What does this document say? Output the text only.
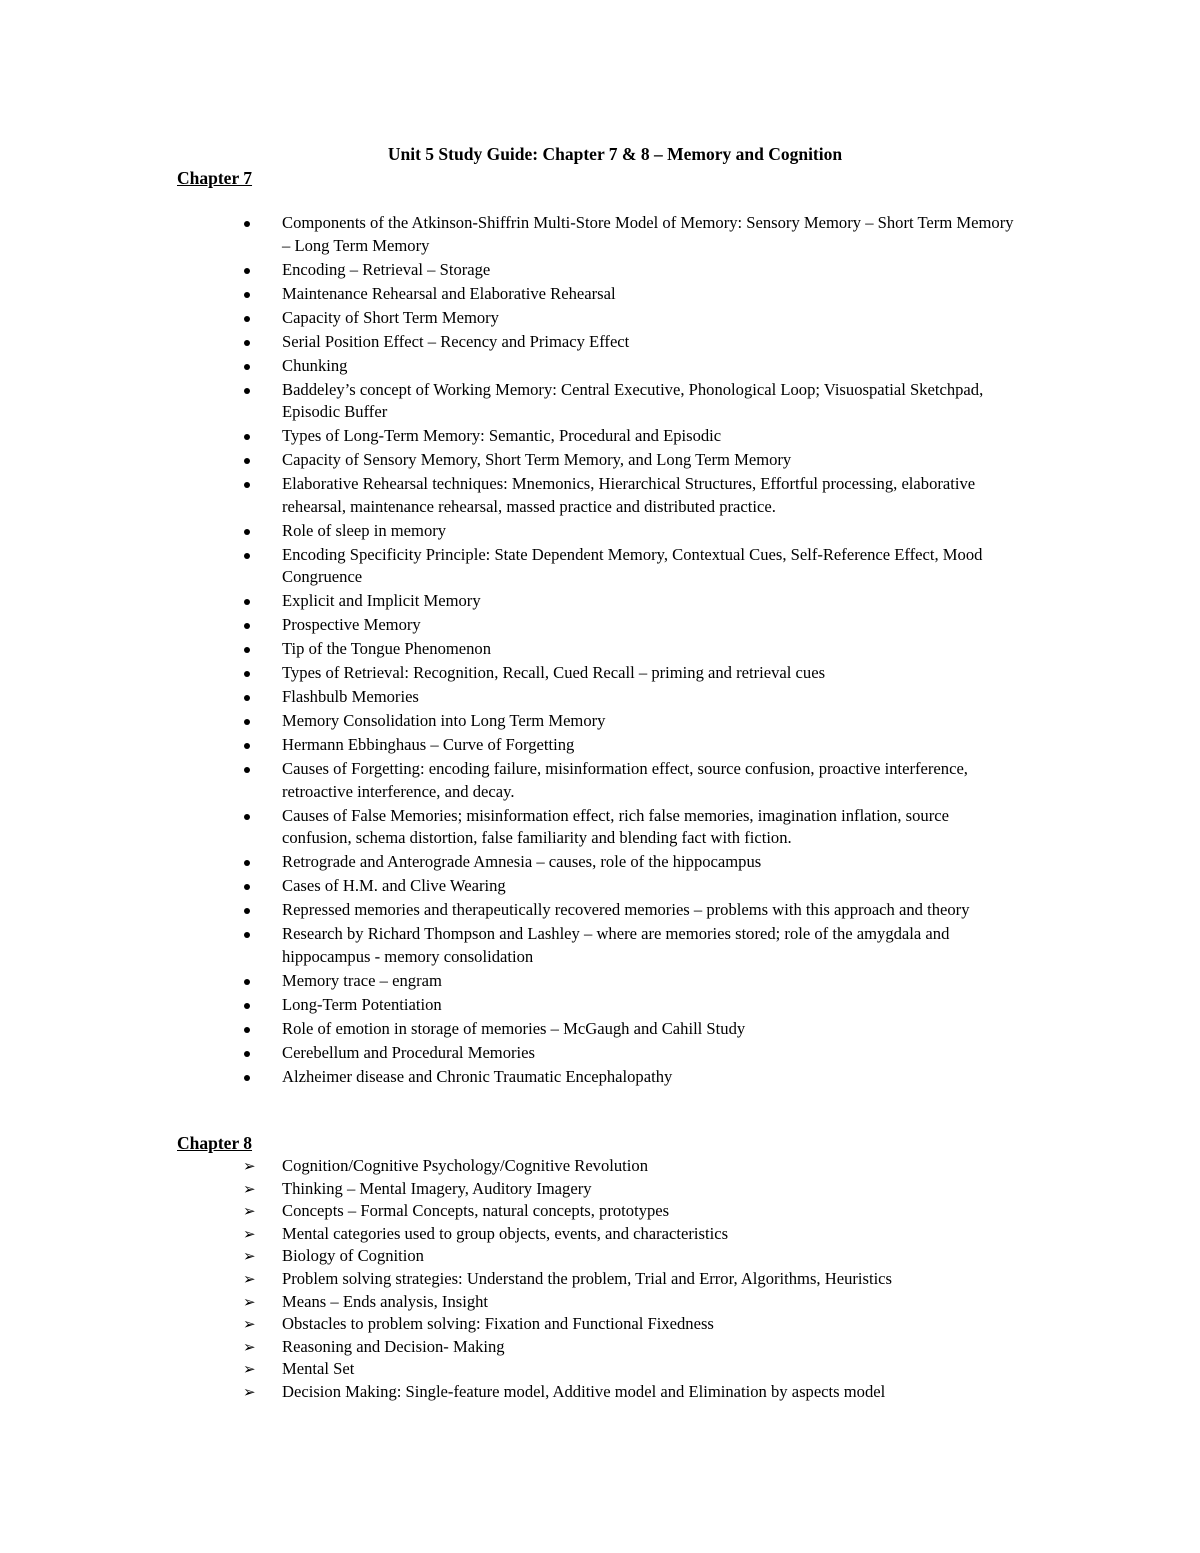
Unit 5 Study Guide: Chapter 7 & 8 – Memory and Cognition
Chapter 7
Components of the Atkinson-Shiffrin Multi-Store Model of Memory: Sensory Memory – Short Term Memory – Long Term Memory
Encoding – Retrieval – Storage
Maintenance Rehearsal and Elaborative Rehearsal
Capacity of Short Term Memory
Serial Position Effect – Recency and Primacy Effect
Chunking
Baddeley’s concept of Working Memory: Central Executive, Phonological Loop; Visuospatial Sketchpad, Episodic Buffer
Types of Long-Term Memory: Semantic, Procedural and Episodic
Capacity of Sensory Memory, Short Term Memory, and Long Term Memory
Elaborative Rehearsal techniques: Mnemonics, Hierarchical Structures, Effortful processing, elaborative rehearsal, maintenance rehearsal, massed practice and distributed practice.
Role of sleep in memory
Encoding Specificity Principle: State Dependent Memory, Contextual Cues, Self-Reference Effect, Mood Congruence
Explicit and Implicit Memory
Prospective Memory
Tip of the Tongue Phenomenon
Types of Retrieval: Recognition, Recall, Cued Recall – priming and retrieval cues
Flashbulb Memories
Memory Consolidation into Long Term Memory
Hermann Ebbinghaus – Curve of Forgetting
Causes of Forgetting: encoding failure, misinformation effect, source confusion, proactive interference, retroactive interference, and decay.
Causes of False Memories; misinformation effect, rich false memories, imagination inflation, source confusion, schema distortion, false familiarity and blending fact with fiction.
Retrograde and Anterograde Amnesia – causes, role of the hippocampus
Cases of H.M. and Clive Wearing
Repressed memories and therapeutically recovered memories – problems with this approach and theory
Research by Richard Thompson and Lashley – where are memories stored; role of the amygdala and hippocampus - memory consolidation
Memory trace – engram
Long-Term Potentiation
Role of emotion in storage of memories – McGaugh and Cahill Study
Cerebellum and Procedural Memories
Alzheimer disease and Chronic Traumatic Encephalopathy
Chapter 8
➢ Cognition/Cognitive Psychology/Cognitive Revolution
➢ Thinking – Mental Imagery, Auditory Imagery
➢ Concepts – Formal Concepts, natural concepts, prototypes
➢ Mental categories used to group objects, events, and characteristics
➢ Biology of Cognition
➢ Problem solving strategies: Understand the problem, Trial and Error, Algorithms, Heuristics
➢ Means – Ends analysis, Insight
➢ Obstacles to problem solving: Fixation and Functional Fixedness
➢ Reasoning and Decision- Making
➢ Mental Set
➢ Decision Making: Single-feature model, Additive model and Elimination by aspects model
